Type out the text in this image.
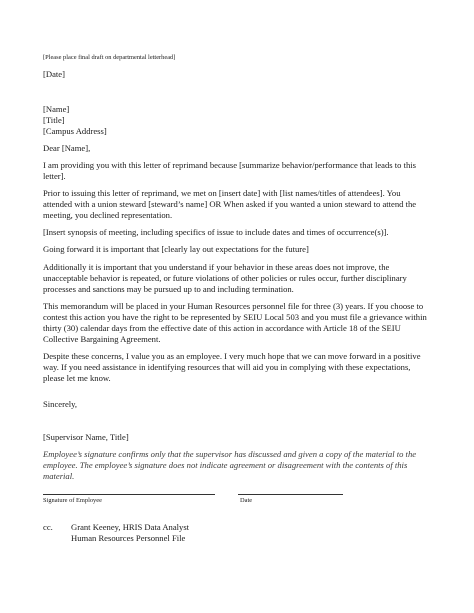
[Please place final draft on departmental letterhead]
[Date]
[Name]
[Title]
[Campus Address]
Dear [Name],
I am providing you with this letter of reprimand because [summarize behavior/performance that leads to this
letter].
Prior to issuing this letter of reprimand, we met on [insert date] with [list names/titles of attendees]. You
attended with a union steward [steward’s name] OR When asked if you wanted a union steward to attend the
meeting, you declined representation.
[Insert synopsis of meeting, including specifics of issue to include dates and times of occurrence(s)].
Going forward it is important that [clearly lay out expectations for the future]
Additionally it is important that you understand if your behavior in these areas does not improve, the
unacceptable behavior is repeated, or future violations of other policies or rules occur, further disciplinary
processes and sanctions may be pursued up to and including termination.
This memorandum will be placed in your Human Resources personnel file for three (3) years. If you choose to
contest this action you have the right to be represented by SEIU Local 503 and you must file a grievance within
thirty (30) calendar days from the effective date of this action in accordance with Article 18 of the SEIU
Collective Bargaining Agreement.
Despite these concerns, I value you as an employee. I very much hope that we can move forward in a positive
way. If you need assistance in identifying resources that will aid you in complying with these expectations,
please let me know.
Sincerely,
[Supervisor Name, Title]
Employee’s signature confirms only that the supervisor has discussed and given a copy of the material to the
employee. The employee’s signature does not indicate agreement or disagreement with the contents of this
material.
Signature of Employee	Date
cc. Grant Keeney, HRIS Data Analyst
Human Resources Personnel File
